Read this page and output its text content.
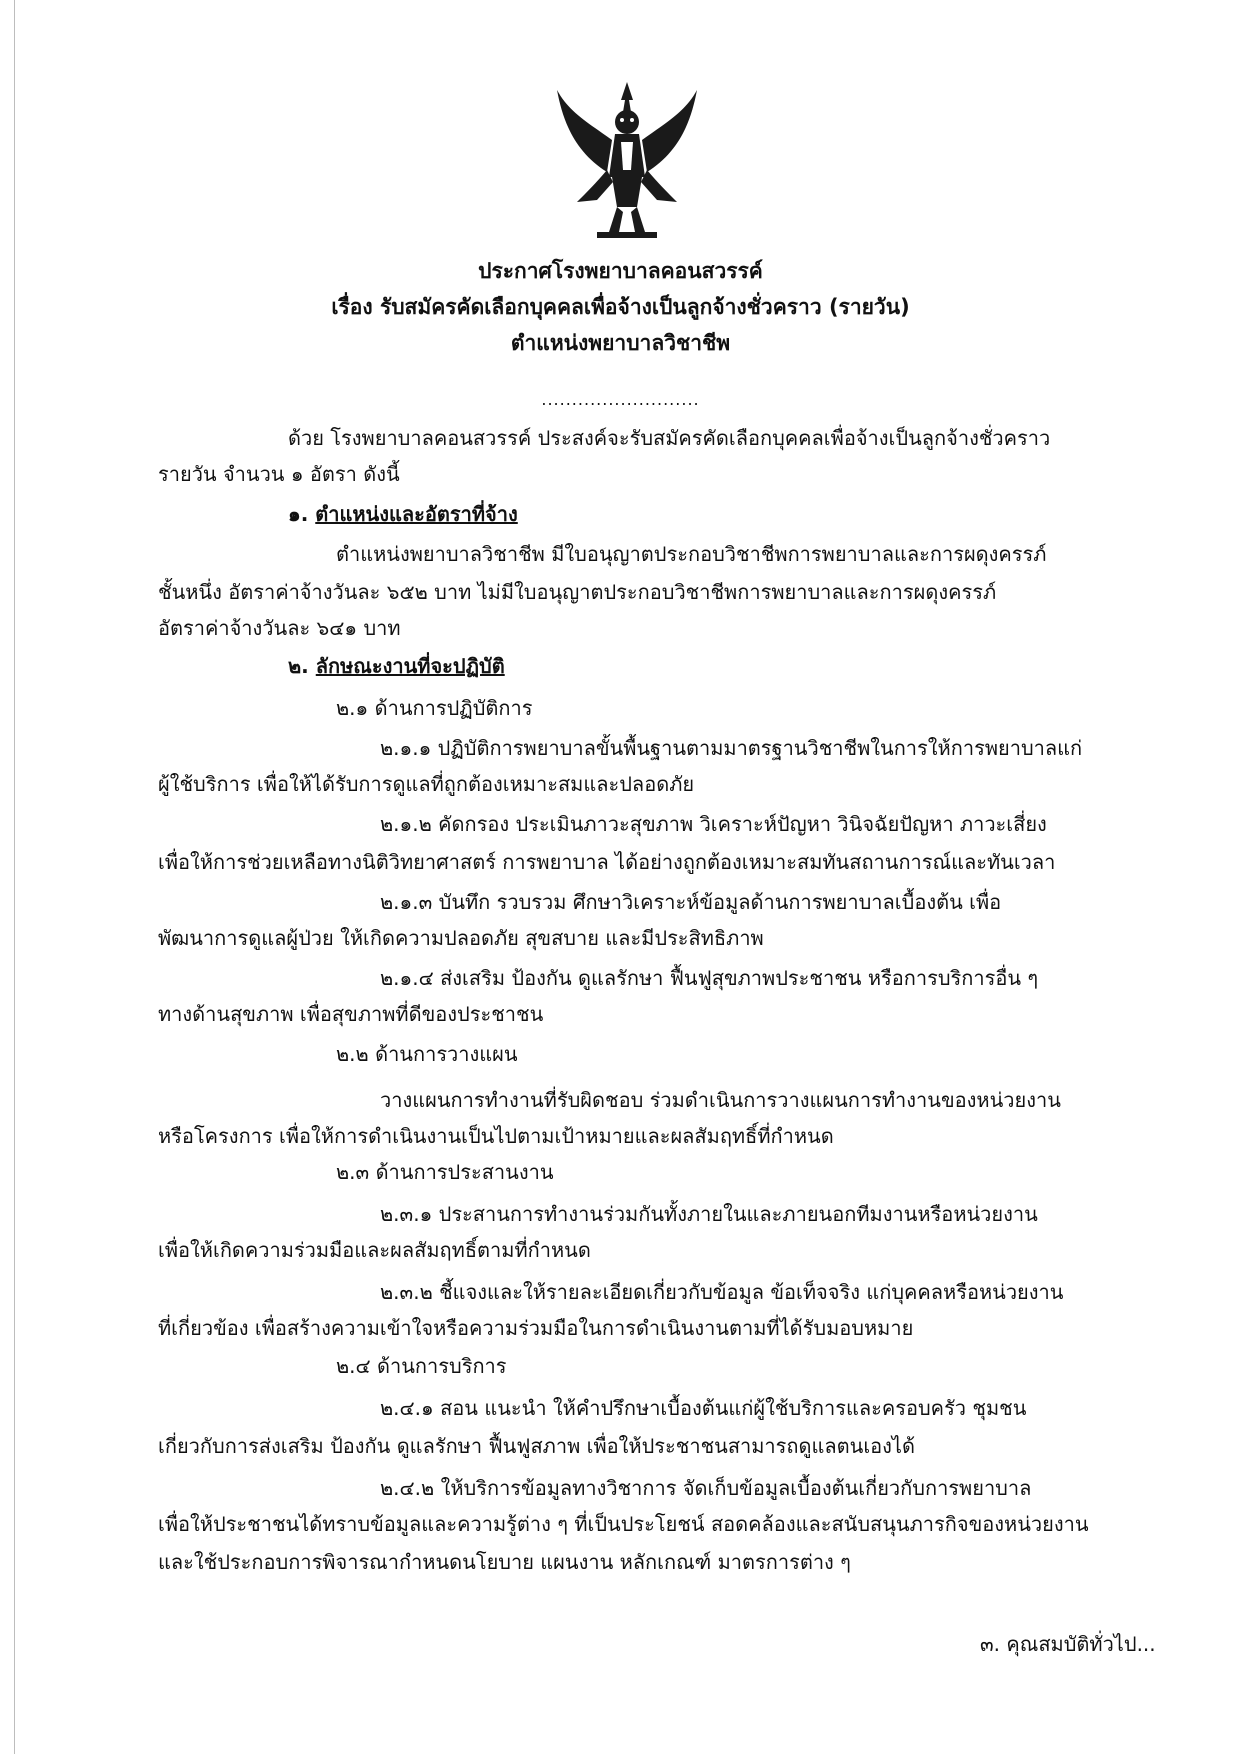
ประกาศโรงพยาบาลคอนสวรรค์
เรื่อง รับสมัครคัดเลือกบุคคลเพื่อจ้างเป็นลูกจ้างชั่วคราว (รายวัน)
ตำแหน่งพยาบาลวิชาชีพ
..........................
ด้วย โรงพยาบาลคอนสวรรค์ ประสงค์จะรับสมัครคัดเลือกบุคคลเพื่อจ้างเป็นลูกจ้างชั่วคราว
รายวัน จำนวน ๑ อัตรา ดังนี้
๑. ตำแหน่งและอัตราที่จ้าง
ตำแหน่งพยาบาลวิชาชีพ มีใบอนุญาตประกอบวิชาชีพการพยาบาลและการผดุงครรภ์
ชั้นหนึ่ง อัตราค่าจ้างวันละ ๖๕๒ บาท ไม่มีใบอนุญาตประกอบวิชาชีพการพยาบาลและการผดุงครรภ์
อัตราค่าจ้างวันละ ๖๔๑ บาท
๒. ลักษณะงานที่จะปฏิบัติ
๒.๑ ด้านการปฏิบัติการ
๒.๑.๑ ปฏิบัติการพยาบาลขั้นพื้นฐานตามมาตรฐานวิชาชีพในการให้การพยาบาลแก่
ผู้ใช้บริการ เพื่อให้ได้รับการดูแลที่ถูกต้องเหมาะสมและปลอดภัย
๒.๑.๒ คัดกรอง ประเมินภาวะสุขภาพ วิเคราะห์ปัญหา วินิจฉัยปัญหา ภาวะเสี่ยง
เพื่อให้การช่วยเหลือทางนิติวิทยาศาสตร์ การพยาบาล ได้อย่างถูกต้องเหมาะสมทันสถานการณ์และทันเวลา
๒.๑.๓ บันทึก รวบรวม ศึกษาวิเคราะห์ข้อมูลด้านการพยาบาลเบื้องต้น เพื่อ
พัฒนาการดูแลผู้ป่วย ให้เกิดความปลอดภัย สุขสบาย และมีประสิทธิภาพ
๒.๑.๔ ส่งเสริม ป้องกัน ดูแลรักษา ฟื้นฟูสุขภาพประชาชน หรือการบริการอื่น ๆ
ทางด้านสุขภาพ เพื่อสุขภาพที่ดีของประชาชน
๒.๒ ด้านการวางแผน
วางแผนการทำงานที่รับผิดชอบ ร่วมดำเนินการวางแผนการทำงานของหน่วยงาน
หรือโครงการ เพื่อให้การดำเนินงานเป็นไปตามเป้าหมายและผลสัมฤทธิ์ที่กำหนด
๒.๓ ด้านการประสานงาน
๒.๓.๑ ประสานการทำงานร่วมกันทั้งภายในและภายนอกทีมงานหรือหน่วยงาน
เพื่อให้เกิดความร่วมมือและผลสัมฤทธิ์ตามที่กำหนด
๒.๓.๒ ชี้แจงและให้รายละเอียดเกี่ยวกับข้อมูล ข้อเท็จจริง แก่บุคคลหรือหน่วยงาน
ที่เกี่ยวข้อง เพื่อสร้างความเข้าใจหรือความร่วมมือในการดำเนินงานตามที่ได้รับมอบหมาย
๒.๔ ด้านการบริการ
๒.๔.๑ สอน แนะนำ ให้คำปรึกษาเบื้องต้นแก่ผู้ใช้บริการและครอบครัว ชุมชน
เกี่ยวกับการส่งเสริม ป้องกัน ดูแลรักษา ฟื้นฟูสภาพ เพื่อให้ประชาชนสามารถดูแลตนเองได้
๒.๔.๒ ให้บริการข้อมูลทางวิชาการ จัดเก็บข้อมูลเบื้องต้นเกี่ยวกับการพยาบาล
เพื่อให้ประชาชนได้ทราบข้อมูลและความรู้ต่าง ๆ ที่เป็นประโยชน์ สอดคล้องและสนับสนุนภารกิจของหน่วยงาน
และใช้ประกอบการพิจารณากำหนดนโยบาย แผนงาน หลักเกณฑ์ มาตรการต่าง ๆ
๓. คุณสมบัติทั่วไป...
